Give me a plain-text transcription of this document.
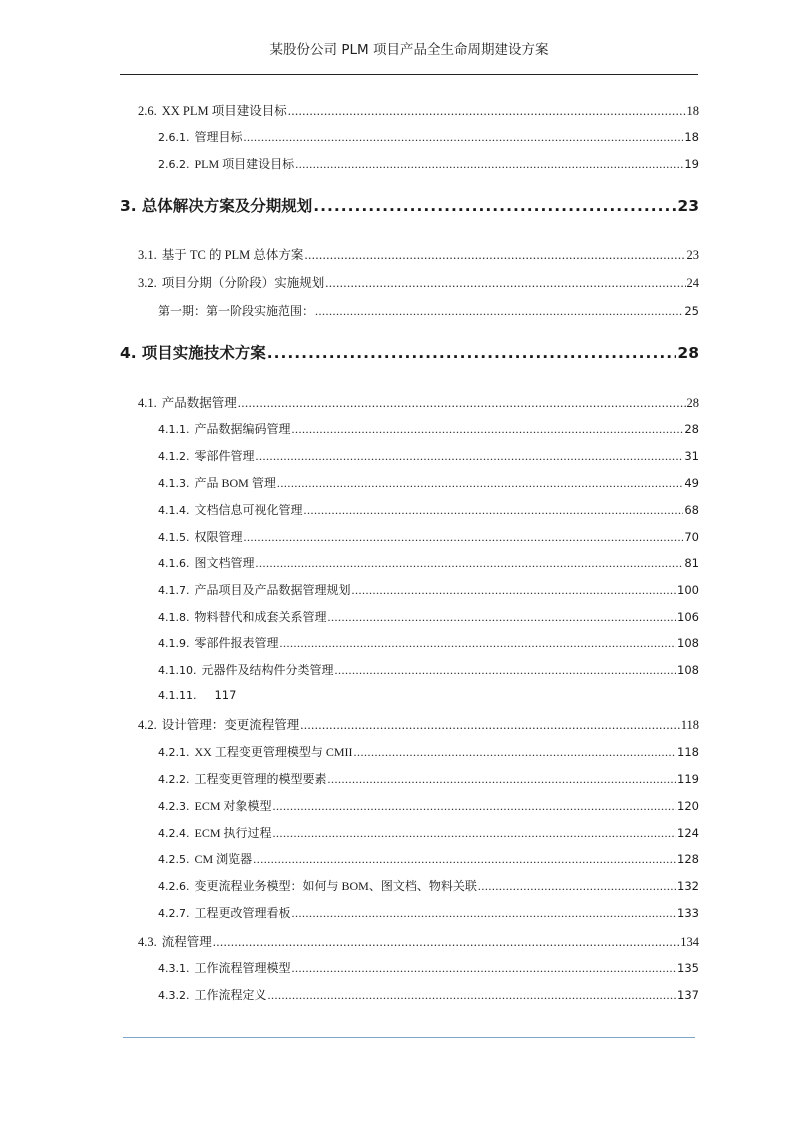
某股份公司 PLM 项目产品全生命周期建设方案
2.6. XX PLM 项目建设目标 .....	18
2.6.1. 管理目标 .....	18
2.6.2. PLM 项目建设目标 .....	19
3. 总体解决方案及分期规划 .....	23
3.1. 基于 TC 的 PLM 总体方案 .....	23
3.2. 项目分期（分阶段）实施规划 .....	24
第一期：第一阶段实施范围： .....	25
4. 项目实施技术方案 .....	28
4.1. 产品数据管理 .....	28
4.1.1. 产品数据编码管理 .....	28
4.1.2. 零部件管理 .....	31
4.1.3. 产品 BOM 管理 .....	49
4.1.4. 文档信息可视化管理 .....	68
4.1.5. 权限管理 .....	70
4.1.6. 图文档管理 .....	81
4.1.7. 产品项目及产品数据管理规划 .....	100
4.1.8. 物料替代和成套关系管理 .....	106
4.1.9. 零部件报表管理 .....	108
4.1.10. 元器件及结构件分类管理 .....	108
4.1.11. 117
4.2. 设计管理：变更流程管理 .....	118
4.2.1. XX 工程变更管理模型与 CMII .....	118
4.2.2. 工程变更管理的模型要素 .....	119
4.2.3. ECM 对象模型 .....	120
4.2.4. ECM 执行过程 .....	124
4.2.5. CM 浏览器 .....	128
4.2.6. 变更流程业务模型：如何与 BOM、图文档、物料关联 .....	132
4.2.7. 工程更改管理看板 .....	133
4.3. 流程管理 .....	134
4.3.1. 工作流程管理模型 .....	135
4.3.2. 工作流程定义 .....	137
